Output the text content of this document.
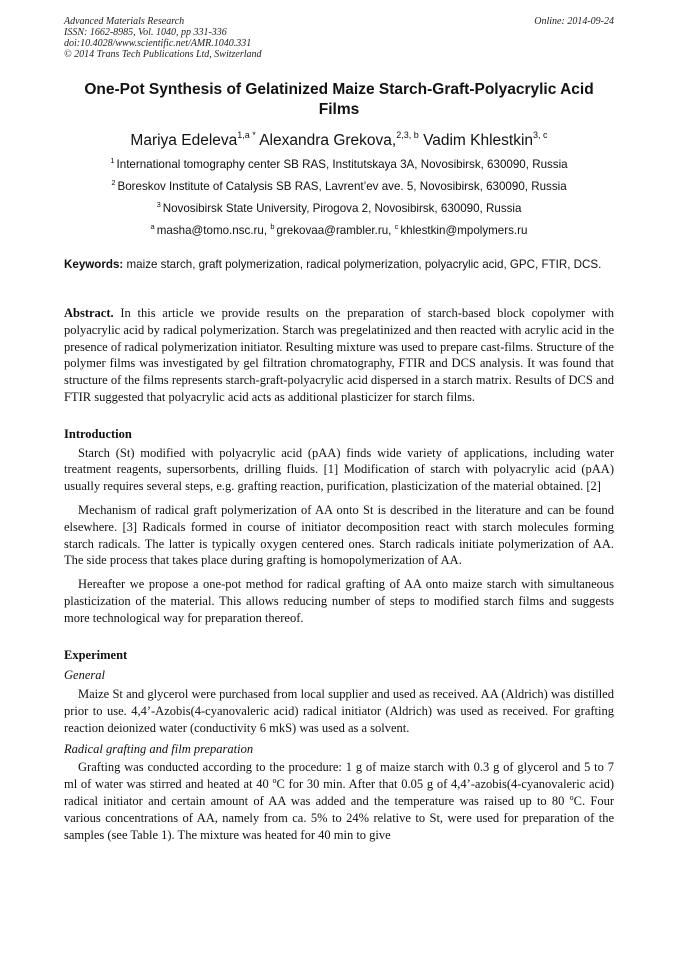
Advanced Materials Research
ISSN: 1662-8985, Vol. 1040, pp 331-336
doi:10.4028/www.scientific.net/AMR.1040.331
© 2014 Trans Tech Publications Ltd, Switzerland
Online: 2014-09-24
One-Pot Synthesis of Gelatinized Maize Starch-Graft-Polyacrylic Acid Films
Mariya Edeleva$^{1,a *}$ Alexandra Grekova,$^{2,3, b}$ Vadim Khlestkin$^{3, c}$
$^1$ International tomography center SB RAS, Institutskaya 3A, Novosibirsk, 630090, Russia
$^2$ Boreskov Institute of Catalysis SB RAS, Lavrent’ev ave. 5, Novosibirsk, 630090, Russia
$^3$ Novosibirsk State University, Pirogova 2, Novosibirsk, 630090, Russia
$^a$ masha@tomo.nsc.ru, $^b$ grekovaa@rambler.ru, $^c$ khlestkin@mpolymers.ru
Keywords: maize starch, graft polymerization, radical polymerization, polyacrylic acid, GPC, FTIR, DCS.

Abstract. In this article we provide results on the preparation of starch-based block copolymer with polyacrylic acid by radical polymerization. Starch was pregelatinized and then reacted with acrylic acid in the presence of radical polymerization initiator. Resulting mixture was used to prepare cast-films. Structure of the polymer films was investigated by gel filtration chromatography, FTIR and DCS analysis. It was found that structure of the films represents starch-graft-polyacrylic acid dispersed in a starch matrix. Results of DCS and FTIR suggested that polyacrylic acid acts as additional plasticizer for starch films.

Introduction

Starch (St) modified with polyacrylic acid (pAA) finds wide variety of applications, including water treatment reagents, supersorbents, drilling fluids. [1] Modification of starch with polyacrylic acid (pAA) usually requires several steps, e.g. grafting reaction, purification, plasticization of the material obtained. [2]

Mechanism of radical graft polymerization of AA onto St is described in the literature and can be found elsewhere. [3] Radicals formed in course of initiator decomposition react with starch molecules forming starch radicals. The latter is typically oxygen centered ones. Starch radicals initiate polymerization of AA. The side process that takes place during grafting is homopolymerization of AA.

Hereafter we propose a one-pot method for radical grafting of AA onto maize starch with simultaneous plasticization of the material. This allows reducing number of steps to modified starch films and suggests more technological way for preparation thereof.

Experiment
General

Maize St and glycerol were purchased from local supplier and used as received. AA (Aldrich) was distilled prior to use. 4,4’-Azobis(4-cyanovaleric acid) radical initiator (Aldrich) was used as received. For grafting reaction deionized water (conductivity 6 mkS) was used as a solvent.

Radical grafting and film preparation

Grafting was conducted according to the procedure: 1 g of maize starch with 0.3 g of glycerol and 5 to 7 ml of water was stirred and heated at 40 $^o$C for 30 min. After that 0.05 g of 4,4’-azobis(4-cyanovaleric acid) radical initiator and certain amount of AA was added and the temperature was raised up to 80 $^o$C. Four various concentrations of AA, namely from ca. 5% to 24% relative to St, were used for preparation of the samples (see Table 1). The mixture was heated for 40 min to give
